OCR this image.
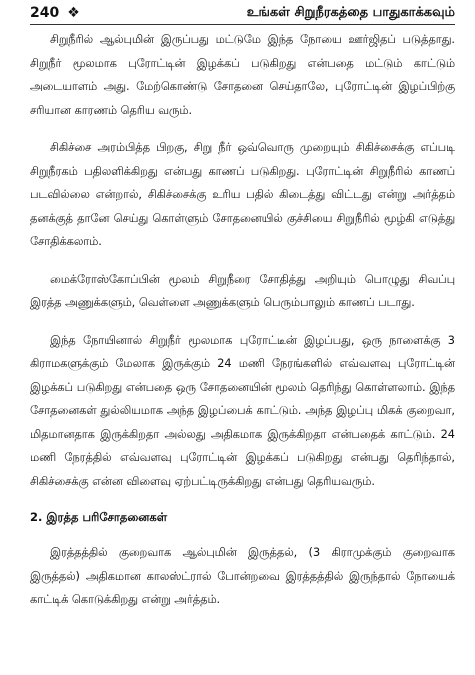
240 ❖	உங்கள் சிறுநீரகத்தை பாதுகாக்கவும்

சிறுநீரில் ஆல்புமின் இருப்பது மட்டுமே இந்த நோயை ஊர்ஜிதப் படுத்தாது. சிறுநீர் மூலமாக புரோட்டின் இழக்கப் படுகிறது என்பதை மட்டும் காட்டும் அடையாளம் அது. மேற்கொண்டு சோதனை செய்தாலே, புரோட்டின் இழப்பிற்கு சரியான காரணம் தெரிய வரும்.

சிகிச்சை அரம்பித்த பிறகு, சிறு நீர் ஒவ்வொரு முறையும் சிகிச்சைக்கு எப்படி சிறுநீரகம் பதிலளிக்கிறது என்பது காணப் படுகிறது. புரோட்டின் சிறுநீரில் காணப் படவில்லை என்றால், சிகிச்சைக்கு உரிய பதில் கிடைத்து விட்டது என்று அர்த்தம் தனக்குத் தானே செய்து கொள்ளும் சோதனையில் குச்சியை சிறுநீரில் மூழ்கி எடுத்து சோதிக்கலாம்.

மைக்ரோஸ்கோப்பின் மூலம் சிறுநீரை சோதித்து அறியும் பொழுது சிவப்பு இரத்த அணுக்களும், வெள்ளை அணுக்களும் பெரும்பாலும் காணப் படாது.

இந்த நோயினால் சிறுநீர் மூலமாக புரோட்டீன் இழப்பது, ஒரு நாளைக்கு 3 கிராமகளுக்கும் மேலாக இருக்கும் 24 மணி நேரங்களில் எவ்வளவு புரோட்டின் இழக்கப் படுகிறது என்பதை ஒரு சோதனையின் மூலம் தெரிந்து கொள்ளலாம். இந்த சோதனைகள் துல்லியமாக அந்த இழப்பைக் காட்டும். அந்த இழப்பு மிகக் குறைவா, மிதமானதாக இருக்கிறதா அல்லது அதிகமாக இருக்கிறதா என்பதைக் காட்டும். 24 மணி நேரத்தில் எவ்வளவு புரோட்டின் இழக்கப் படுகிறது என்பது தெரிந்தால், சிகிச்சைக்கு என்ன விளைவு ஏற்பட்டிருக்கிறது என்பது தெரியவரும்.

2. இரத்த பரிசோதனைகள்

இரத்தத்தில் குறைவாக ஆல்புமின் இருத்தல், (3 கிராமுக்கும் குறைவாக இருத்தல்) அதிகமான காலஸ்ட்ரால் போன்றவை இரத்தத்தில் இருந்தால் நோயைக் காட்டிக் கொடுக்கிறது என்று அர்த்தம்.
